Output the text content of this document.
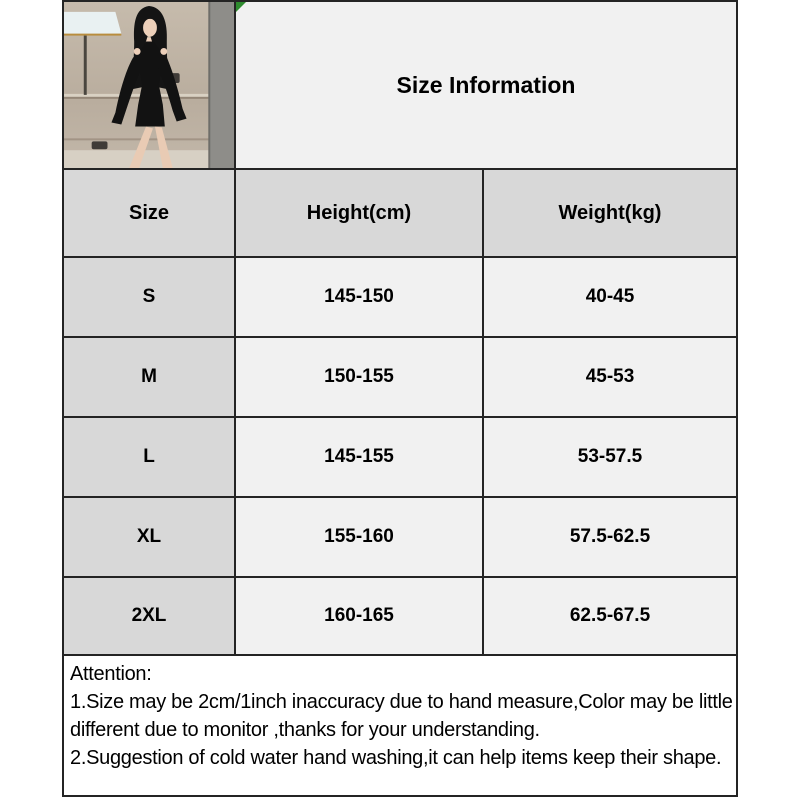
Size Information
Size	Height(cm)	Weight(kg)
S	145-150	40-45
M	150-155	45-53
L	145-155	53-57.5
XL	155-160	57.5-62.5
2XL	160-165	62.5-67.5
Attention:
1.Size may be 2cm/1inch inaccuracy due to hand measure,Color may be little
different due to monitor ,thanks for your understanding.
2.Suggestion of cold water hand washing,it can help items keep their shape.
